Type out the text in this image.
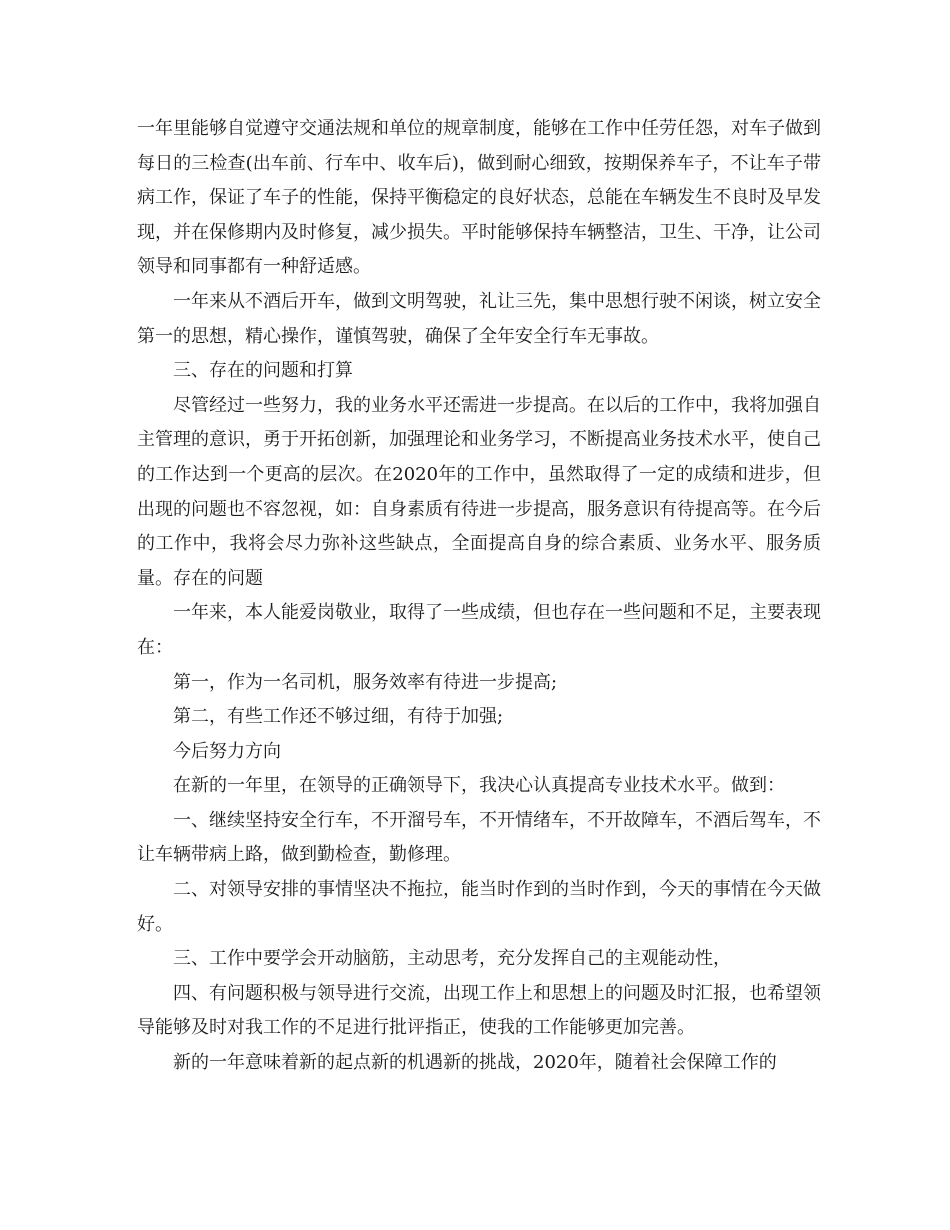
一年里能够自觉遵守交通法规和单位的规章制度，能够在工作中任劳任怨，对车子做到每日的三检查(出车前、行车中、收车后)，做到耐心细致，按期保养车子，不让车子带病工作，保证了车子的性能，保持平衡稳定的良好状态，总能在车辆发生不良时及早发现，并在保修期内及时修复，减少损失。平时能够保持车辆整洁，卫生、干净，让公司领导和同事都有一种舒适感。

一年来从不酒后开车，做到文明驾驶，礼让三先，集中思想行驶不闲谈，树立安全第一的思想，精心操作，谨慎驾驶，确保了全年安全行车无事故。

三、存在的问题和打算

尽管经过一些努力，我的业务水平还需进一步提高。在以后的工作中，我将加强自主管理的意识，勇于开拓创新，加强理论和业务学习，不断提高业务技术水平，使自己的工作达到一个更高的层次。在2020年的工作中，虽然取得了一定的成绩和进步，但出现的问题也不容忽视，如：自身素质有待进一步提高，服务意识有待提高等。在今后的工作中，我将会尽力弥补这些缺点，全面提高自身的综合素质、业务水平、服务质量。存在的问题

一年来，本人能爱岗敬业，取得了一些成绩，但也存在一些问题和不足，主要表现在：

第一，作为一名司机，服务效率有待进一步提高;

第二，有些工作还不够过细，有待于加强;

今后努力方向

在新的一年里，在领导的正确领导下，我决心认真提高专业技术水平。做到：

一、继续坚持安全行车，不开溜号车，不开情绪车，不开故障车，不酒后驾车，不让车辆带病上路，做到勤检查，勤修理。

二、对领导安排的事情坚决不拖拉，能当时作到的当时作到，今天的事情在今天做好。

三、工作中要学会开动脑筋，主动思考，充分发挥自己的主观能动性，

四、有问题积极与领导进行交流，出现工作上和思想上的问题及时汇报，也希望领导能够及时对我工作的不足进行批评指正，使我的工作能够更加完善。

新的一年意味着新的起点新的机遇新的挑战，2020年，随着社会保障工作的
